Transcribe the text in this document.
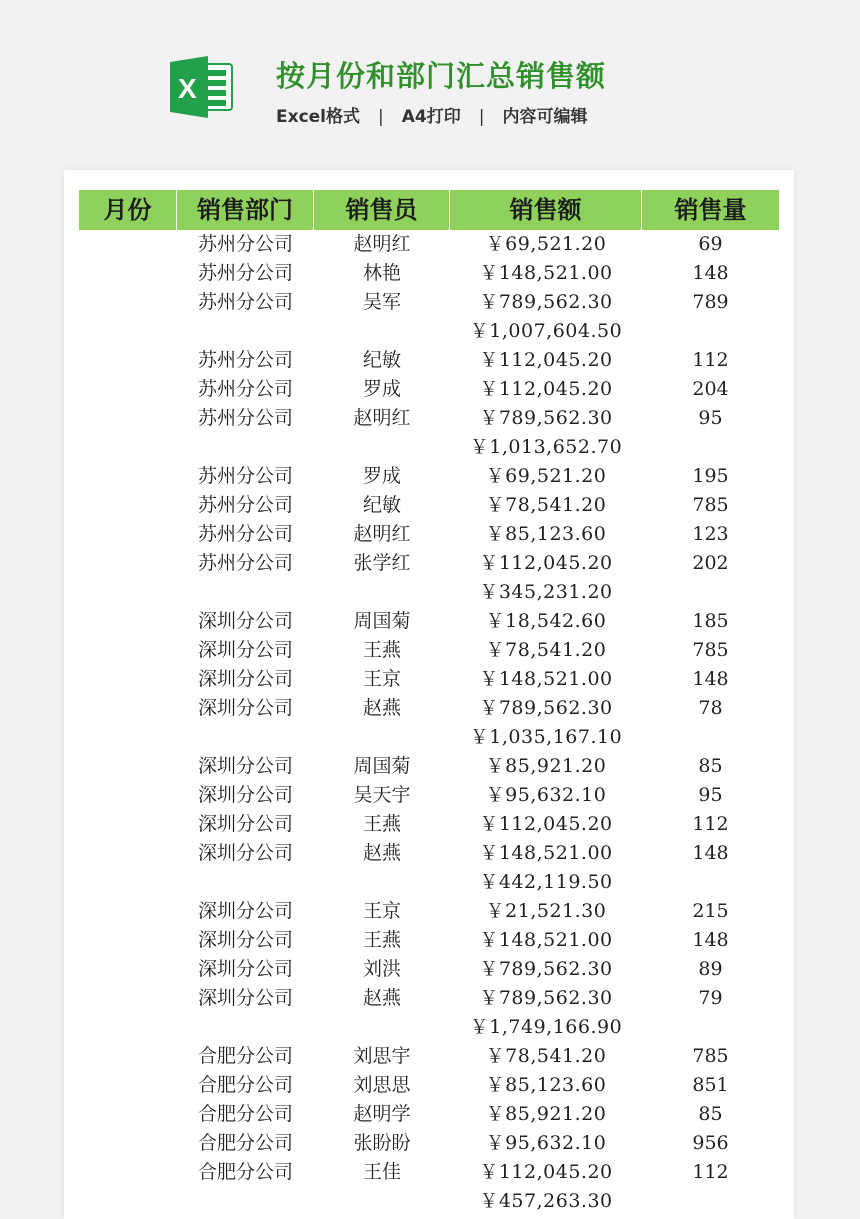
X	按月份和部门汇总销售额
Excel格式 | A4打印 | 内容可编辑
月份	销售部门	销售员	销售额	销售量
苏州分公司	赵明红	￥69,521.20	69
苏州分公司	林艳	￥148,521.00	148
苏州分公司	吴军	￥789,562.30	789
￥1,007,604.50
苏州分公司	纪敏	￥112,045.20	112
苏州分公司	罗成	￥112,045.20	204
苏州分公司	赵明红	￥789,562.30	95
￥1,013,652.70
苏州分公司	罗成	￥69,521.20	195
苏州分公司	纪敏	￥78,541.20	785
苏州分公司	赵明红	￥85,123.60	123
苏州分公司	张学红	￥112,045.20	202
￥345,231.20
深圳分公司	周国菊	￥18,542.60	185
深圳分公司	王燕	￥78,541.20	785
深圳分公司	王京	￥148,521.00	148
深圳分公司	赵燕	￥789,562.30	78
￥1,035,167.10
深圳分公司	周国菊	￥85,921.20	85
深圳分公司	吴天宇	￥95,632.10	95
深圳分公司	王燕	￥112,045.20	112
深圳分公司	赵燕	￥148,521.00	148
￥442,119.50
深圳分公司	王京	￥21,521.30	215
深圳分公司	王燕	￥148,521.00	148
深圳分公司	刘洪	￥789,562.30	89
深圳分公司	赵燕	￥789,562.30	79
￥1,749,166.90
合肥分公司	刘思宇	￥78,541.20	785
合肥分公司	刘思思	￥85,123.60	851
合肥分公司	赵明学	￥85,921.20	85
合肥分公司	张盼盼	￥95,632.10	956
合肥分公司	王佳	￥112,045.20	112
￥457,263.30
